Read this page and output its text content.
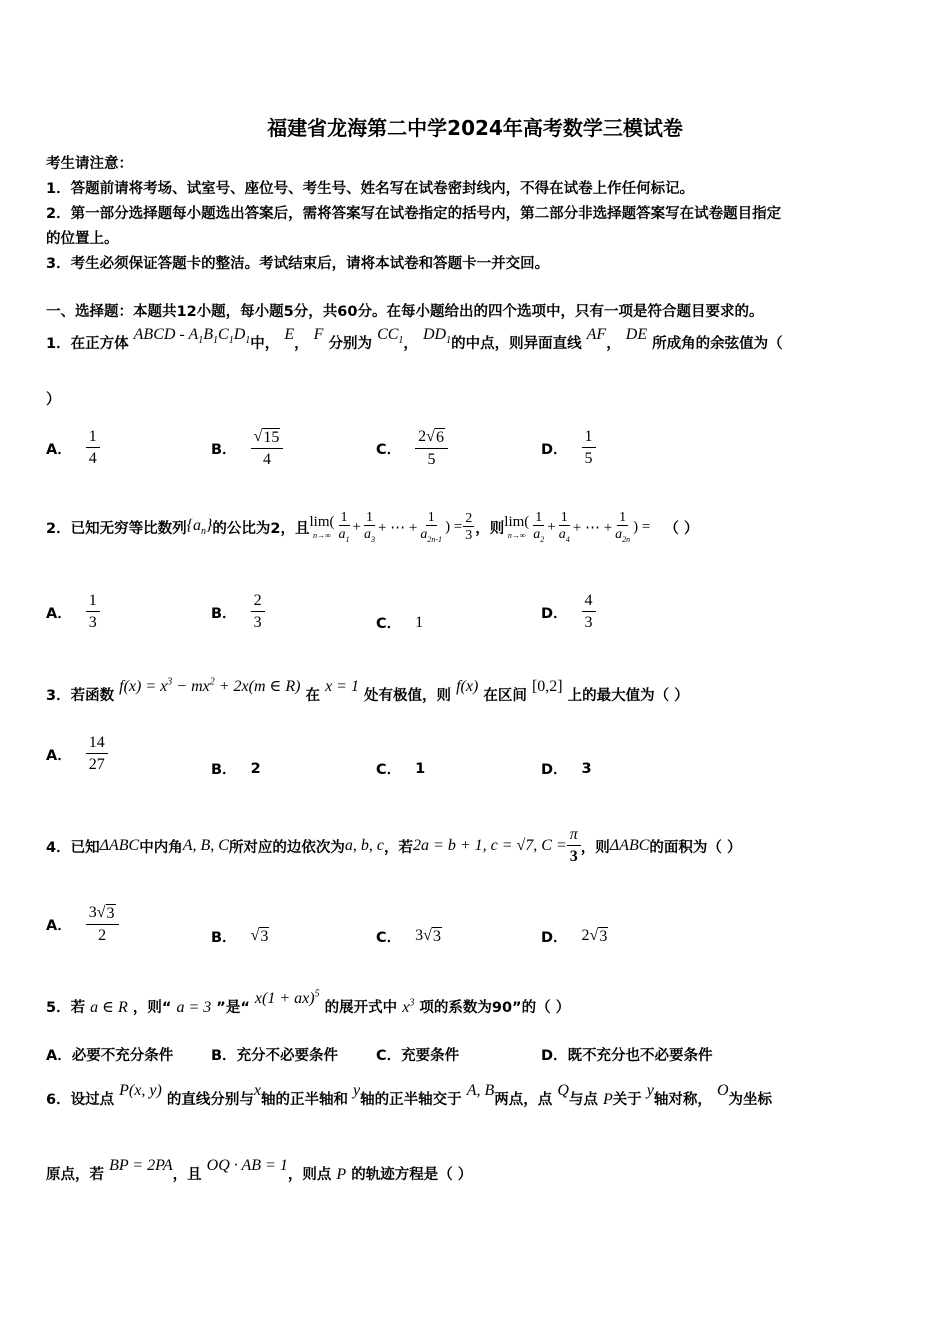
福建省龙海第二中学2024年高考数学三模试卷
考生请注意：
1．答题前请将考场、试室号、座位号、考生号、姓名写在试卷密封线内，不得在试卷上作任何标记。
2．第一部分选择题每小题选出答案后，需将答案写在试卷指定的括号内，第二部分非选择题答案写在试卷题目指定
的位置上。
3．考生必须保证答题卡的整洁。考试结束后，请将本试卷和答题卡一并交回。
一、选择题：本题共12小题，每小题5分，共60分。在每小题给出的四个选项中，只有一项是符合题目要求的。
1．在正方体 ABCD - $A_1B_1C_1D_1$中， E， F 分别为 $CC_1$， $DD_1$的中点，则异面直线 AF， DE 所成角的余弦值为（
）
A． $\frac{1}{4}$	B． $\frac{√ 15}{4}$	C． $\frac{2√ 6}{5}$	D． $\frac{1}{5}$
2． 已知无穷等比数列 $\{a_n\}$ 的公比为2，且 lim(
n→∞
1
$a_1$
+
1
$a_3$
+ ⋯ +
1
$a_{2n-1}$
) =
2
3 ，则 lim(
n→∞
1
$a_2$
+
1
$a_4$
+ ⋯ +
1
$a_{2n}$
) = （ ）
A． $\frac{1}{3}$	B． $\frac{2}{3}$	C． 1	D． $\frac{4}{3}$
3．若函数 $f(x) = x^3 - mx^2 + 2x(m$ ∈ R) 在 x = 1 处有极值，则 f(x) 在区间 [0,2] 上的最大值为（ ）
A． $\frac{14}{27}$	B． 2	C． 1	D． 3
4． 已知 ΔABC 中内角 A, B, C 所对应的边依次为 a, b, c ，若 2a = b + 1, c = √7, $C = \frac{\pi}{3}$ ，则 ΔABC 的面积为（ ）
A． $\frac{3√ 3}{2}$	B． √ 3	C． 3√ 3	D． 2√ 3
5．若 a ∈ R ，则“ a = 3 ”是“ x(1 + ax)$^5$ 的展开式中 $x^3$ 项的系数为90”的（ ）
A． 必要不充分条件	B． 充分不必要条件	C． 充要条件	D． 既不充分也不必要条件
6．设过点 P(x, y) 的直线分别与x轴的正半轴和 y轴的正半轴交于 A, B两点，点 Q与点 P关于 y轴对称， O为坐标
原点，若 BP = 2PA，且 OQ · AB = 1，则点 P 的轨迹方程是（ ）
